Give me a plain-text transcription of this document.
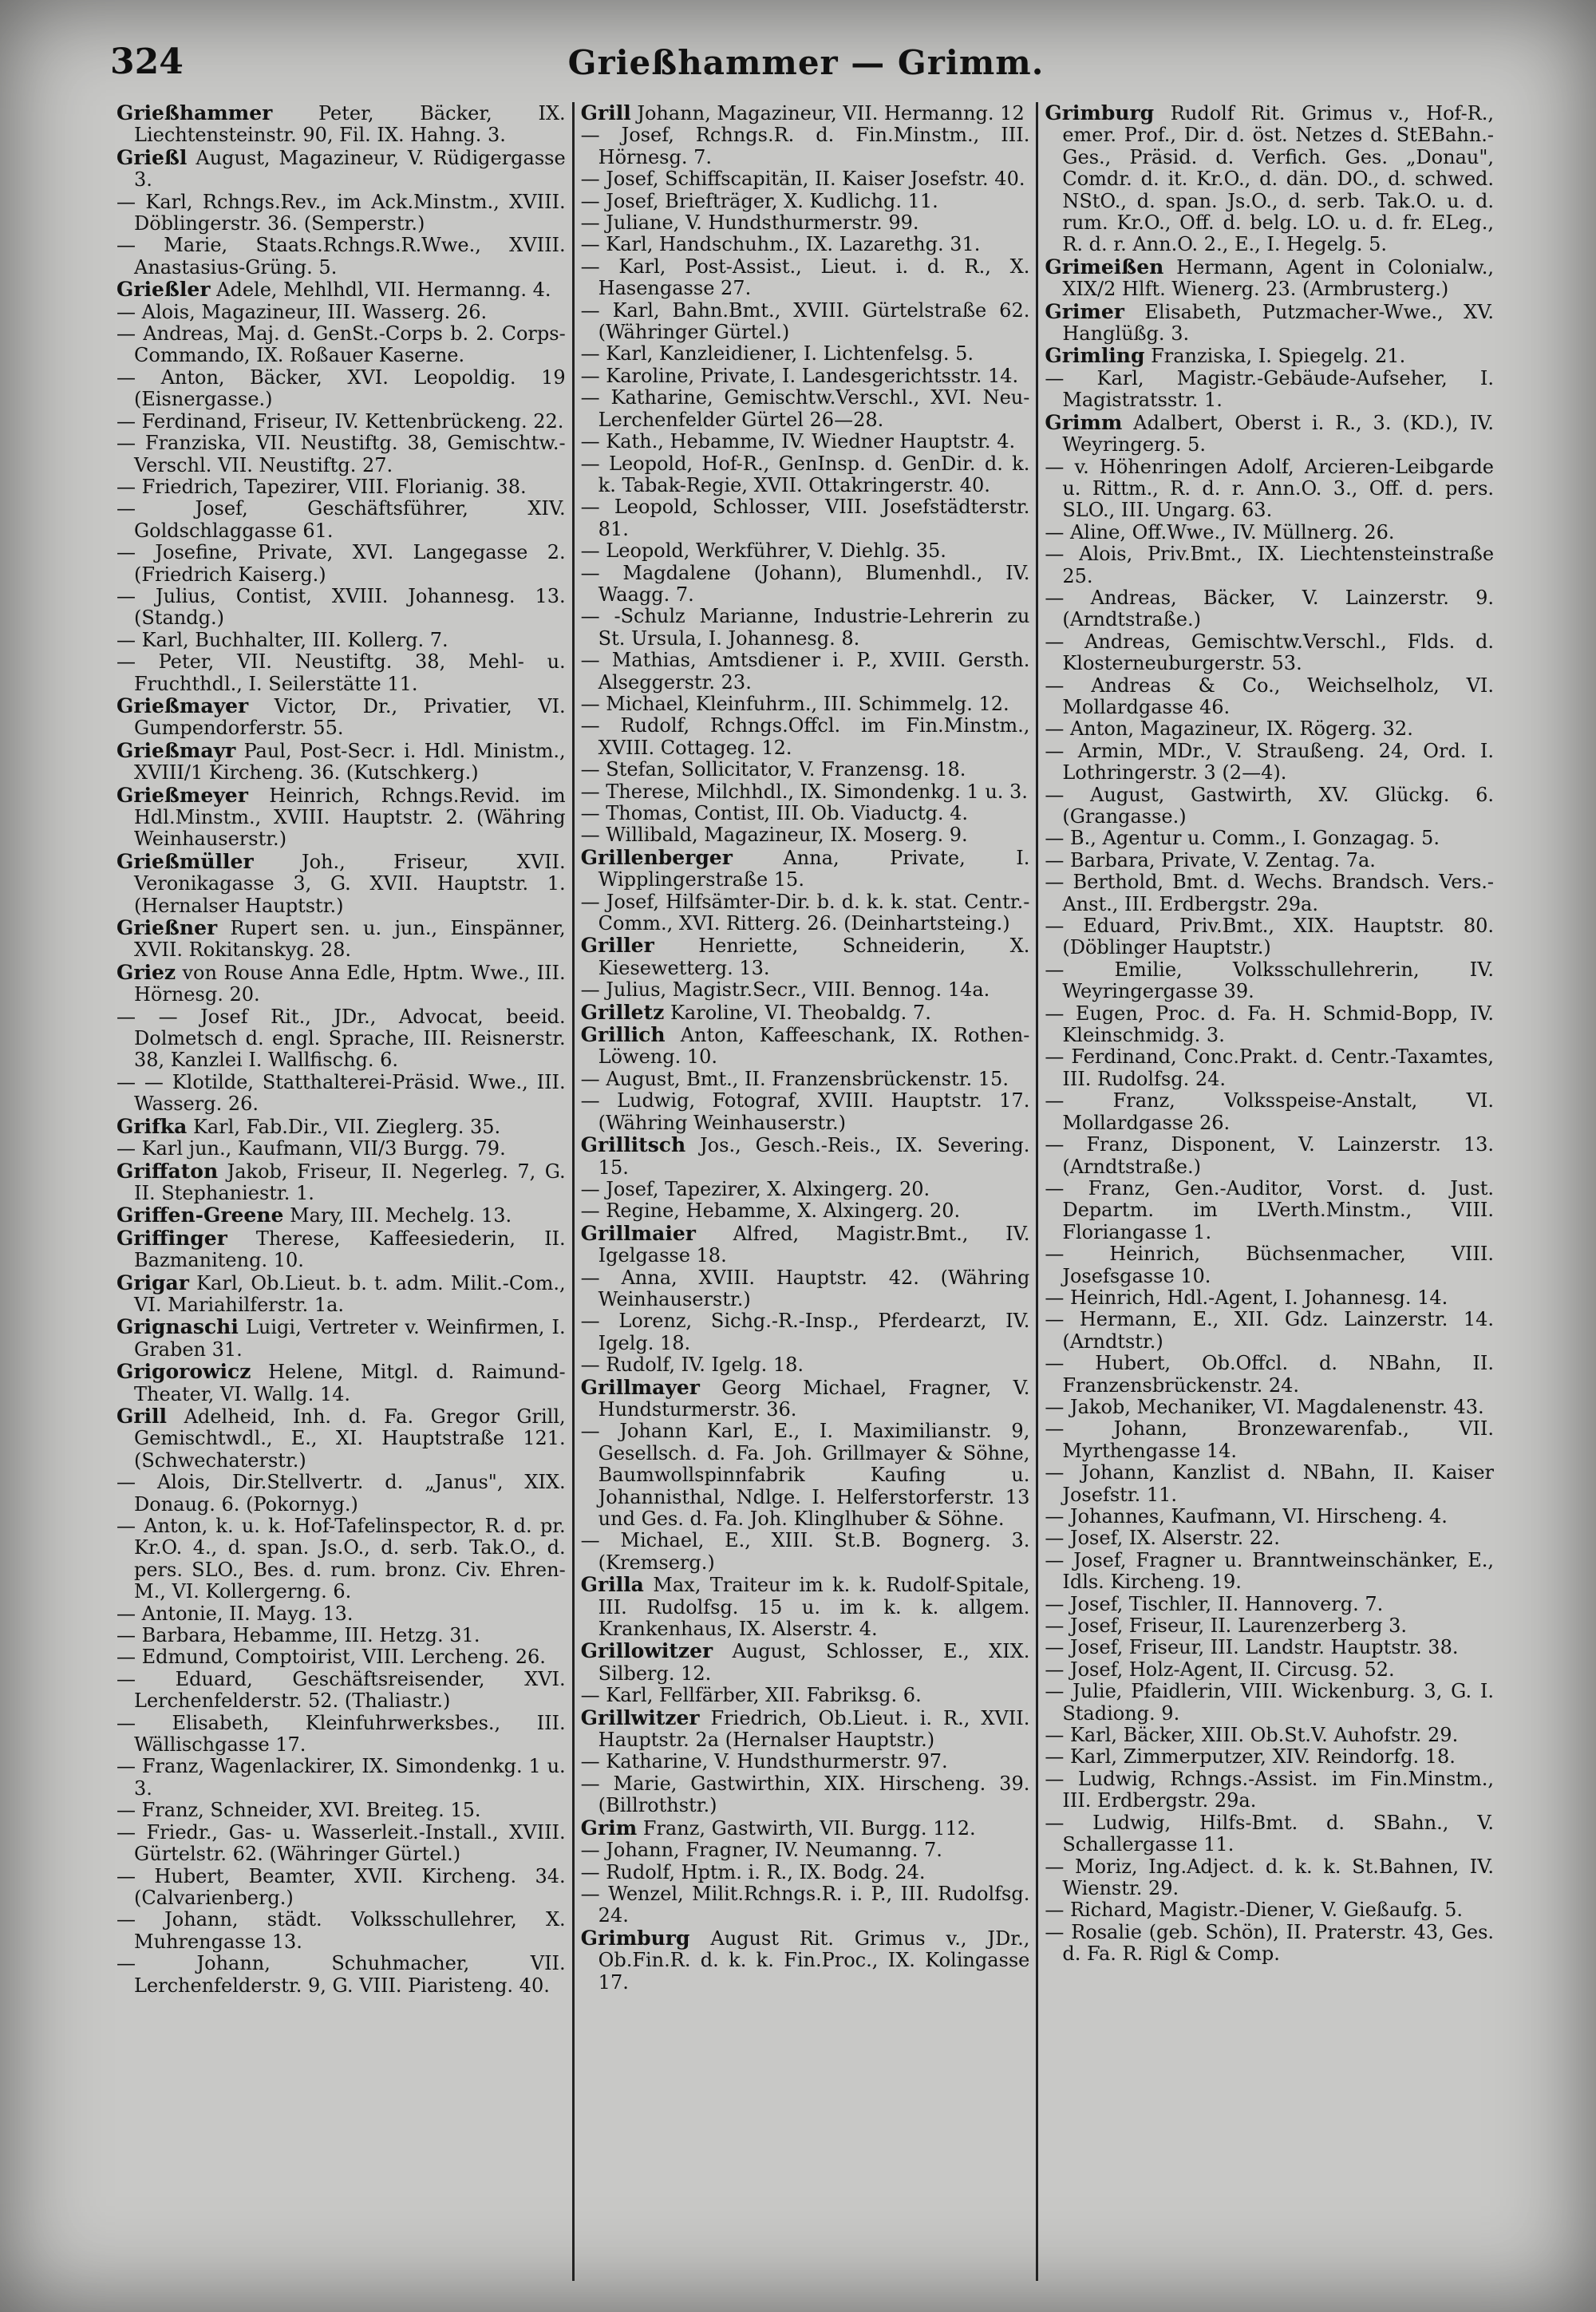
324	Grießhammer — Grimm.
Grießhammer Peter, Bäcker, IX. Liechtensteinstr. 90, Fil. IX. Hahng. 3.
Grießl August, Magazineur, V. Rüdigergasse 3.
— Karl, Rchngs.Rev., im Ack.Minstm., XVIII. Döblingerstr. 36. (Semperstr.)
— Marie, Staats.Rchngs.R.Wwe., XVIII. Anastasius-Grüng. 5.
Grießler Adele, Mehlhdl, VII. Hermanng. 4.
— Alois, Magazineur, III. Wasserg. 26.
— Andreas, Maj. d. GenSt.-Corps b. 2. Corps-Commando, IX. Roßauer Kaserne.
— Anton, Bäcker, XVI. Leopoldig. 19 (Eisnergasse.)
— Ferdinand, Friseur, IV. Kettenbrückeng. 22.
— Franziska, VII. Neustiftg. 38, Gemischtw.-Verschl. VII. Neustiftg. 27.
— Friedrich, Tapezirer, VIII. Florianig. 38.
— Josef, Geschäftsführer, XIV. Goldschlaggasse 61.
— Josefine, Private, XVI. Langegasse 2. (Friedrich Kaiserg.)
— Julius, Contist, XVIII. Johannesg. 13. (Standg.)
— Karl, Buchhalter, III. Kollerg. 7.
— Peter, VII. Neustiftg. 38, Mehl- u. Fruchthdl., I. Seilerstätte 11.
Grießmayer Victor, Dr., Privatier, VI. Gumpendorferstr. 55.
Grießmayr Paul, Post-Secr. i. Hdl. Ministm., XVIII/1 Kircheng. 36. (Kutschkerg.)
Grießmeyer Heinrich, Rchngs.Revid. im Hdl.Minstm., XVIII. Hauptstr. 2. (Währing Weinhauserstr.)
Grießmüller	Joh., Friseur, XVII. Veronikagasse 3, G. XVII. Hauptstr. 1. (Hernalser Hauptstr.)
Grießner Rupert sen. u. jun., Einspänner, XVII. Rokitanskyg. 28.
Griez von Rouse Anna Edle, Hptm. Wwe., III. Hörnesg. 20.
— — Josef Rit., JDr., Advocat, beeid. Dolmetsch d. engl. Sprache, III. Reisnerstr. 38, Kanzlei I. Wallfischg. 6.
— — Klotilde, Statthalterei-Präsid. Wwe., III. Wasserg. 26.
Grifka Karl, Fab.Dir., VII. Zieglerg. 35.
— Karl jun., Kaufmann, VII/3 Burgg. 79.
Griffaton Jakob, Friseur, II. Negerleg. 7, G. II. Stephaniestr. 1.
Griffen-Greene Mary, III. Mechelg. 13.
Griffinger Therese, Kaffeesiederin, II. Bazmaniteng. 10.
Grigar Karl, Ob.Lieut. b. t. adm. Milit.-Com., VI. Mariahilferstr. 1a.
Grignaschi Luigi, Vertreter v. Weinfirmen, I. Graben 31.
Grigorowicz Helene, Mitgl. d. Raimund-Theater, VI. Wallg. 14.
Grill Adelheid, Inh. d. Fa. Gregor Grill, Gemischtwdl., E., XI. Hauptstraße 121. (Schwechaterstr.)
— Alois, Dir.Stellvertr. d. „Janus", XIX. Donaug. 6. (Pokornyg.)
— Anton, k. u. k. Hof-Tafelinspector, R. d. pr. Kr.O. 4., d. span. Js.O., d. serb. Tak.O., d. pers. SLO., Bes. d. rum. bronz. Civ. Ehren-M., VI. Kollergerng. 6.
— Antonie, II. Mayg. 13.
— Barbara, Hebamme, III. Hetzg. 31.
— Edmund, Comptoirist, VIII. Lercheng. 26.
— Eduard, Geschäftsreisender, XVI. Lerchenfelderstr. 52. (Thaliastr.)
— Elisabeth, Kleinfuhrwerksbes., III. Wällischgasse 17.
— Franz, Wagenlackirer, IX. Simondenkg. 1 u. 3.
— Franz, Schneider, XVI. Breiteg. 15.
— Friedr., Gas- u. Wasserleit.-Install., XVIII. Gürtelstr. 62. (Währinger Gürtel.)
— Hubert, Beamter, XVII. Kircheng. 34. (Calvarienberg.)
— Johann, städt. Volksschullehrer, X. Muhrengasse 13.
— Johann, Schuhmacher, VII. Lerchenfelderstr. 9, G. VIII. Piaristeng. 40.
Grill Johann, Magazineur, VII. Hermanng. 12
— Josef, Rchngs.R. d. Fin.Minstm., III. Hörnesg. 7.
— Josef, Schiffscapitän, II. Kaiser Josefstr. 40.
— Josef, Briefträger, X. Kudlichg. 11.
— Juliane, V. Hundsthurmerstr. 99.
— Karl, Handschuhm., IX. Lazarethg. 31.
— Karl, Post-Assist., Lieut. i. d. R., X. Hasengasse 27.
— Karl, Bahn.Bmt., XVIII. Gürtelstraße 62. (Währinger Gürtel.)
— Karl, Kanzleidiener, I. Lichtenfelsg. 5.
— Karoline, Private, I. Landesgerichtsstr. 14.
— Katharine, Gemischtw.Verschl., XVI. Neu-Lerchenfelder Gürtel 26—28.
— Kath., Hebamme, IV. Wiedner Hauptstr. 4.
— Leopold, Hof-R., GenInsp. d. GenDir. d. k. k. Tabak-Regie, XVII. Ottakringerstr. 40.
— Leopold, Schlosser, VIII. Josefstädterstr. 81.
— Leopold, Werkführer, V. Diehlg. 35.
— Magdalene (Johann), Blumenhdl., IV. Waagg. 7.
— -Schulz Marianne, Industrie-Lehrerin zu St. Ursula, I. Johannesg. 8.
— Mathias, Amtsdiener i. P., XVIII. Gersth. Alseggerstr. 23.
— Michael, Kleinfuhrm., III. Schimmelg. 12.
— Rudolf, Rchngs.Offcl. im Fin.Minstm., XVIII. Cottageg. 12.
— Stefan, Sollicitator, V. Franzensg. 18.
— Therese, Milchhdl., IX. Simondenkg. 1 u. 3.
— Thomas, Contist, III. Ob. Viaductg. 4.
— Willibald, Magazineur, IX. Moserg. 9.
Grillenberger	Anna, Private, I. Wipplingerstraße 15.
— Josef, Hilfsämter-Dir. b. d. k. k. stat. Centr.-Comm., XVI. Ritterg. 26. (Deinhartsteing.)
Griller Henriette, Schneiderin, X. Kiesewetterg. 13.
— Julius, Magistr.Secr., VIII. Bennog. 14a.
Grilletz Karoline, VI. Theobaldg. 7.
Grillich Anton, Kaffeeschank, IX. Rothen-Löweng. 10.
— August, Bmt., II. Franzensbrückenstr. 15.
— Ludwig, Fotograf, XVIII. Hauptstr. 17. (Währing Weinhauserstr.)
Grillitsch Jos., Gesch.-Reis., IX. Severing. 15.
— Josef, Tapezirer, X. Alxingerg. 20.
— Regine, Hebamme, X. Alxingerg. 20.
Grillmaier Alfred, Magistr.Bmt., IV. Igelgasse 18.
— Anna, XVIII. Hauptstr. 42. (Währing Weinhauserstr.)
— Lorenz, Sichg.-R.-Insp., Pferdearzt, IV. Igelg. 18.
— Rudolf, IV. Igelg. 18.
Grillmayer Georg Michael, Fragner, V. Hundsturmerstr. 36.
— Johann Karl, E., I. Maximilianstr. 9, Gesellsch. d. Fa. Joh. Grillmayer & Söhne, Baumwollspinnfabrik Kaufing u. Johannisthal, Ndlge. I. Helferstorferstr. 13 und Ges. d. Fa. Joh. Klinglhuber & Söhne.
— Michael, E., XIII. St.B. Bognerg. 3. (Kremserg.)
Grilla Max, Traiteur im k. k. Rudolf-Spitale, III. Rudolfsg. 15 u. im k. k. allgem. Krankenhaus, IX. Alserstr. 4.
Grillowitzer August, Schlosser, E., XIX. Silberg. 12.
— Karl, Fellfärber, XII. Fabriksg. 6.
Grillwitzer Friedrich, Ob.Lieut. i. R., XVII. Hauptstr. 2a (Hernalser Hauptstr.)
— Katharine, V. Hundsthurmerstr. 97.
— Marie, Gastwirthin, XIX. Hirscheng. 39. (Billrothstr.)
Grim Franz, Gastwirth, VII. Burgg. 112.
— Johann, Fragner, IV. Neumanng. 7.
— Rudolf, Hptm. i. R., IX. Bodg. 24.
— Wenzel, Milit.Rchngs.R. i. P., III. Rudolfsg. 24.
Grimburg August Rit. Grimus v., JDr., Ob.Fin.R. d. k. k. Fin.Proc., IX. Kolingasse 17.
Grimburg Rudolf Rit. Grimus v., Hof-R., emer. Prof., Dir. d. öst. Netzes d. StEBahn.-Ges., Präsid. d. Verfich. Ges. „Donau", Comdr. d. it. Kr.O., d. dän. DO., d. schwed. NStO., d. span. Js.O., d. serb. Tak.O. u. d. rum. Kr.O., Off. d. belg. LO. u. d. fr. ELeg., R. d. r. Ann.O. 2., E., I. Hegelg. 5.
Grimeißen Hermann, Agent in Colonialw., XIX/2 Hlft. Wienerg. 23. (Armbrusterg.)
Grimer Elisabeth, Putzmacher-Wwe., XV. Hanglüßg. 3.
Grimling Franziska, I. Spiegelg. 21.
— Karl, Magistr.-Gebäude-Aufseher, I. Magistratsstr. 1.
Grimm Adalbert, Oberst i. R., 3. (KD.), IV. Weyringerg. 5.
— v. Höhenringen Adolf, Arcieren-Leibgarde u. Rittm., R. d. r. Ann.O. 3., Off. d. pers. SLO., III. Ungarg. 63.
— Aline, Off.Wwe., IV. Müllnerg. 26.
— Alois, Priv.Bmt., IX. Liechtensteinstraße 25.
— Andreas, Bäcker, V. Lainzerstr. 9. (Arndtstraße.)
— Andreas, Gemischtw.Verschl., Flds. d. Klosterneuburgerstr. 53.
— Andreas & Co., Weichselholz, VI. Mollardgasse 46.
— Anton, Magazineur, IX. Rögerg. 32.
— Armin, MDr., V. Straußeng. 24, Ord. I. Lothringerstr. 3 (2—4).
— August, Gastwirth, XV. Glückg. 6. (Grangasse.)
— B., Agentur u. Comm., I. Gonzagag. 5.
— Barbara, Private, V. Zentag. 7a.
— Berthold, Bmt. d. Wechs. Brandsch. Vers.-Anst., III. Erdbergstr. 29a.
— Eduard, Priv.Bmt., XIX. Hauptstr. 80. (Döblinger Hauptstr.)
— Emilie, Volksschullehrerin, IV. Weyringergasse 39.
— Eugen, Proc. d. Fa. H. Schmid-Bopp, IV. Kleinschmidg. 3.
— Ferdinand, Conc.Prakt. d. Centr.-Taxamtes, III. Rudolfsg. 24.
— Franz, Volksspeise-Anstalt, VI. Mollardgasse 26.
— Franz, Disponent, V. Lainzerstr. 13. (Arndtstraße.)
— Franz, Gen.-Auditor, Vorst. d. Just. Departm. im LVerth.Minstm., VIII. Floriangasse 1.
— Heinrich, Büchsenmacher, VIII. Josefsgasse 10.
— Heinrich, Hdl.-Agent, I. Johannesg. 14.
— Hermann, E., XII. Gdz. Lainzerstr. 14. (Arndtstr.)
— Hubert, Ob.Offcl. d. NBahn, II. Franzensbrückenstr. 24.
— Jakob, Mechaniker, VI. Magdalenenstr. 43.
— Johann, Bronzewarenfab., VII. Myrthengasse 14.
— Johann, Kanzlist d. NBahn, II. Kaiser Josefstr. 11.
— Johannes, Kaufmann, VI. Hirscheng. 4.
— Josef, IX. Alserstr. 22.
— Josef, Fragner u. Branntweinschänker, E., Idls. Kircheng. 19.
— Josef, Tischler, II. Hannoverg. 7.
— Josef, Friseur, II. Laurenzerberg 3.
— Josef, Friseur, III. Landstr. Hauptstr. 38.
— Josef, Holz-Agent, II. Circusg. 52.
— Julie, Pfaidlerin, VIII. Wickenburg. 3, G. I. Stadiong. 9.
— Karl, Bäcker, XIII. Ob.St.V. Auhofstr. 29.
— Karl, Zimmerputzer, XIV. Reindorfg. 18.
— Ludwig, Rchngs.-Assist. im Fin.Minstm., III. Erdbergstr. 29a.
— Ludwig, Hilfs-Bmt. d. SBahn., V. Schallergasse 11.
— Moriz, Ing.Adject. d. k. k. St.Bahnen, IV. Wienstr. 29.
— Richard, Magistr.-Diener, V. Gießaufg. 5.
— Rosalie (geb. Schön), II. Praterstr. 43, Ges. d. Fa. R. Rigl & Comp.
